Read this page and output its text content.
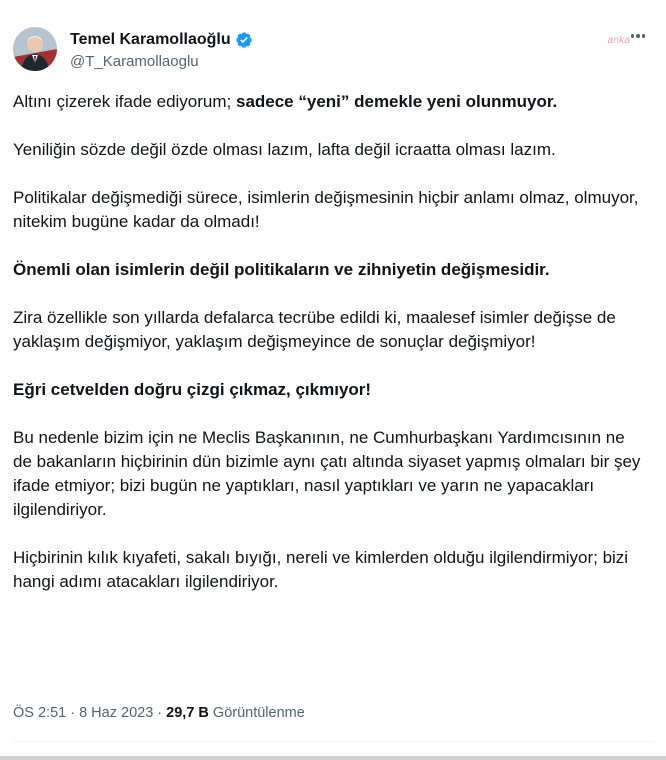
Temel Karamollaoğlu
@T_Karamollaoglu
anka

Altını çizerek ifade ediyorum; sadece “yeni” demekle yeni olunmuyor.

Yeniliğin sözde değil özde olması lazım, lafta değil icraatta olması lazım.

Politikalar değişmediği sürece, isimlerin değişmesinin hiçbir anlamı olmaz, olmuyor, nitekim bugüne kadar da olmadı!

Önemli olan isimlerin değil politikaların ve zihniyetin değişmesidir.

Zira özellikle son yıllarda defalarca tecrübe edildi ki, maalesef isimler değişse de yaklaşım değişmiyor, yaklaşım değişmeyince de sonuçlar değişmiyor!

Eğri cetvelden doğru çizgi çıkmaz, çıkmıyor!

Bu nedenle bizim için ne Meclis Başkanının, ne Cumhurbaşkanı Yardımcısının ne de bakanların hiçbirinin dün bizimle aynı çatı altında siyaset yapmış olmaları bir şey ifade etmiyor; bizi bugün ne yaptıkları, nasıl yaptıkları ve yarın ne yapacakları ilgilendiriyor.

Hiçbirinin kılık kıyafeti, sakalı bıyığı, nereli ve kimlerden olduğu ilgilendirmiyor; bizi hangi adımı atacakları ilgilendiriyor.

ÖS 2:51 · 8 Haz 2023 · 29,7 B Görüntülenme
